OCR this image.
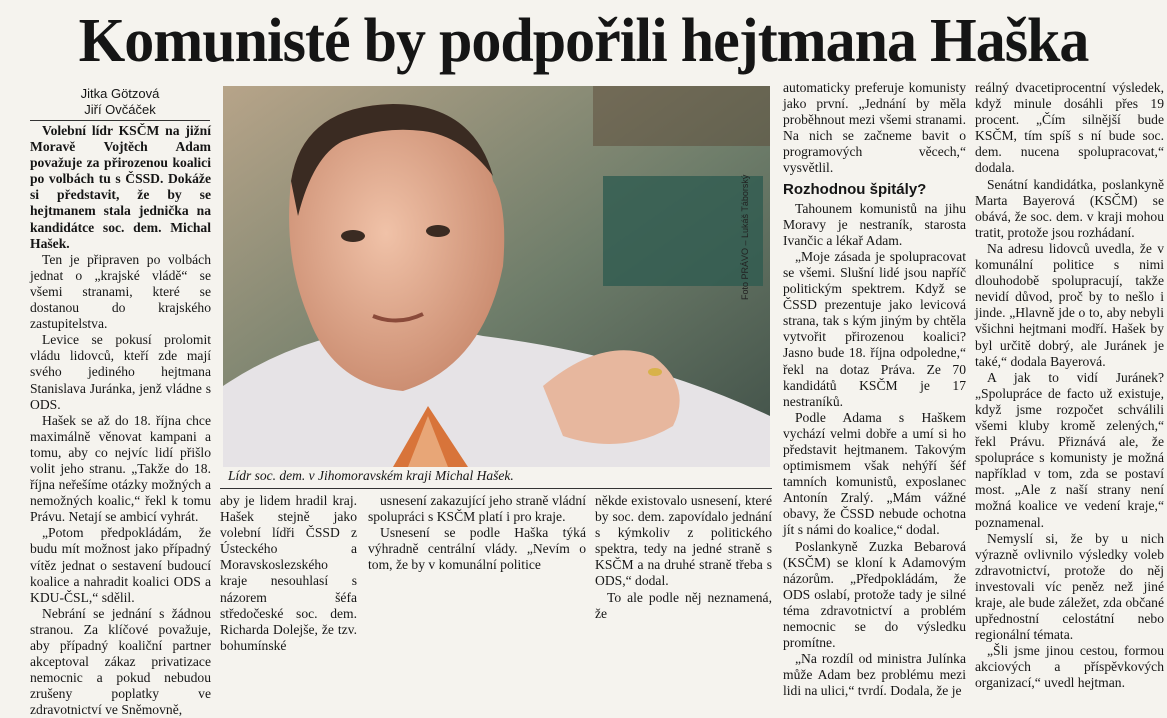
Komunisté by podpořili hejtmana Haška
Jitka Götzová
Jiří Ovčáček

Volební lídr KSČM na jižní Moravě Vojtěch Adam považuje za přirozenou koalici po volbách tu s ČSSD. Dokáže si představit, že by se hejtmanem stala jednička na kandidátce soc. dem. Michal Hašek.

Ten je připraven po volbách jednat o „krajské vládě“ se všemi stranami, které se dostanou do krajského zastupitelstva.

Levice se pokusí prolomit vládu lidovců, kteří zde mají svého jediného hejtmana Stanislava Juránka, jenž vládne s ODS.

Hašek se až do 18. října chce maximálně věnovat kampani a tomu, aby co nejvíc lidí přišlo volit jeho stranu. „Takže do 18. října neřešíme otázky možných a nemožných koalic,“ řekl k tomu Právu. Netají se ambicí vyhrát.

„Potom předpokládám, že budu mít možnost jako případný vítěz jednat o sestavení budoucí koalice a nahradit koalici ODS a KDU-ČSL,“ sdělil.

Nebrání se jednání s žádnou stranou. Za klíčové považuje, aby případný koaliční partner akceptoval zákaz privatizace nemocnic a pokud nebudou zrušeny poplatky ve zdravotnictví ve Sněmovně,

aby je lidem hradil kraj. Hašek stejně jako volební lídři ČSSD z Ústeckého a Moravskoslezského kraje nesouhlasí s názorem šéfa středočeské soc. dem. Richarda Dolejše, že tzv. bohumínské

usnesení zakazující jeho straně vládní spolupráci s KSČM platí i pro kraje.

Usnesení se podle Haška týká výhradně centrální vlády. „Nevím o tom, že by v komunální politice

někde existovalo usnesení, které by soc. dem. zapovídalo jednání s kýmkoliv z politického spektra, tedy na jedné straně s KSČM a na druhé straně třeba s ODS,“ dodal.

To ale podle něj neznamená, že

automaticky preferuje komunisty jako první. „Jednání by měla proběhnout mezi všemi stranami. Na nich se začneme bavit o programových věcech,“ vysvětlil.

Rozhodnou špitály?

Tahounem komunistů na jihu Moravy je nestraník, starosta Ivančic a lékař Adam.

„Moje zásada je spolupracovat se všemi. Slušní lidé jsou napříč politickým spektrem. Když se ČSSD prezentuje jako levicová strana, tak s kým jiným by chtěla vytvořit přirozenou koalici? Jasno bude 18. října odpoledne,“ řekl na dotaz Práva. Ze 70 kandidátů KSČM je 17 nestraníků.

Podle Adama s Haškem vychází velmi dobře a umí si ho představit hejtmanem. Takovým optimismem však nehýří šéf tamních komunistů, exposlanec Antonín Zralý. „Mám vážné obavy, že ČSSD nebude ochotna jít s námi do koalice,“ dodal.

Poslankyně Zuzka Bebarová (KSČM) se kloní k Adamovým názorům. „Předpokládám, že ODS oslabí, protože tady je silné téma zdravotnictví a problém nemocnic se do výsledku promítne.

„Na rozdíl od ministra Julínka může Adam bez problému mezi lidi na ulici,“ tvrdí. Dodala, že je

reálný dvacetiprocentní výsledek, když minule dosáhli přes 19 procent. „Čím silnější bude KSČM, tím spíš s ní bude soc. dem. nucena spolupracovat,“ dodala.

Senátní kandidátka, poslankyně Marta Bayerová (KSČM) se obává, že soc. dem. v kraji mohou tratit, protože jsou rozhádaní.

Na adresu lidovců uvedla, že v komunální politice s nimi dlouhodobě spolupracují, takže nevidí důvod, proč by to nešlo i jinde. „Hlavně jde o to, aby nebyli všichni hejtmani modří. Hašek by byl určitě dobrý, ale Juránek je také,“ dodala Bayerová.

A jak to vidí Juránek? „Spolupráce de facto už existuje, když jsme rozpočet schválili všemi kluby kromě zelených,“ řekl Právu. Přiznává ale, že spolupráce s komunisty je možná například v tom, zda se postaví most. „Ale z naší strany není možná koalice ve vedení kraje,“ poznamenal.

Nemyslí si, že by u nich výrazně ovlivnilo výsledky voleb zdravotnictví, protože do něj investovali víc peněz než jiné kraje, ale bude záležet, zda občané upřednostní celostátní nebo regionální témata.

„Šli jsme jinou cestou, formou akciových a příspěvkových organizací,“ uvedl hejtman.

Foto PRÁVO – Lukáš Táborský
Lídr soc. dem. v Jihomoravském kraji Michal Hašek.
